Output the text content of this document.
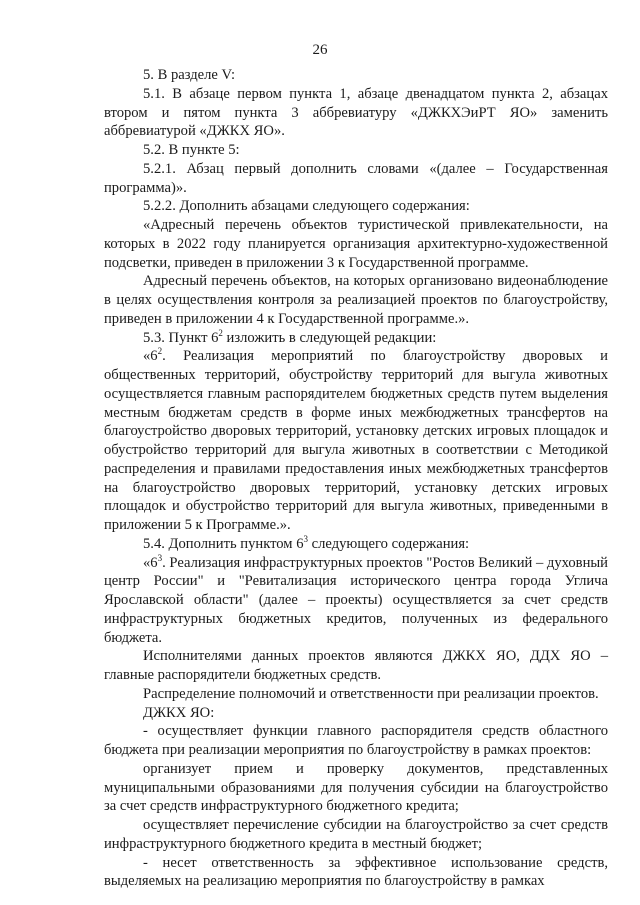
26

5. В разделе V:

5.1. В абзаце первом пункта 1, абзаце двенадцатом пункта 2, абзацах втором и пятом пункта 3 аббревиатуру «ДЖКХЭиРТ ЯО» заменить аббревиатурой «ДЖКХ ЯО».

5.2. В пункте 5:

5.2.1. Абзац первый дополнить словами «(далее – Государственная программа)».

5.2.2. Дополнить абзацами следующего содержания:

«Адресный перечень объектов туристической привлекательности, на которых в 2022 году планируется организация архитектурно-художественной подсветки, приведен в приложении 3 к Государственной программе.

Адресный перечень объектов, на которых организовано видеонаблюдение в целях осуществления контроля за реализацией проектов по благоустройству, приведен в приложении 4 к Государственной программе.».

5.3. Пункт $6^2$ изложить в следующей редакции:

«$6^2$. Реализация мероприятий по благоустройству дворовых и общественных территорий, обустройству территорий для выгула животных осуществляется главным распорядителем бюджетных средств путем выделения местным бюджетам средств в форме иных межбюджетных трансфертов на благоустройство дворовых территорий, установку детских игровых площадок и обустройство территорий для выгула животных в соответствии с Методикой распределения и правилами предоставления иных межбюджетных трансфертов на благоустройство дворовых территорий, установку детских игровых площадок и обустройство территорий для выгула животных, приведенными в приложении 5 к Программе.».

5.4. Дополнить пунктом $6^3$ следующего содержания:

«$6^3$. Реализация инфраструктурных проектов "Ростов Великий – духовный центр России" и "Ревитализация исторического центра города Углича Ярославской области" (далее – проекты) осуществляется за счет средств инфраструктурных бюджетных кредитов, полученных из федерального бюджета.

Исполнителями данных проектов являются ДЖКХ ЯО, ДДХ ЯО – главные распорядители бюджетных средств.

Распределение полномочий и ответственности при реализации проектов.

ДЖКХ ЯО:

- осуществляет функции главного распорядителя средств областного бюджета при реализации мероприятия по благоустройству в рамках проектов:

организует прием и проверку документов, представленных муниципальными образованиями для получения субсидии на благоустройство за счет средств инфраструктурного бюджетного кредита;

осуществляет перечисление субсидии на благоустройство за счет средств инфраструктурного бюджетного кредита в местный бюджет;

- несет ответственность за эффективное использование средств, выделяемых на реализацию мероприятия по благоустройству в рамках
